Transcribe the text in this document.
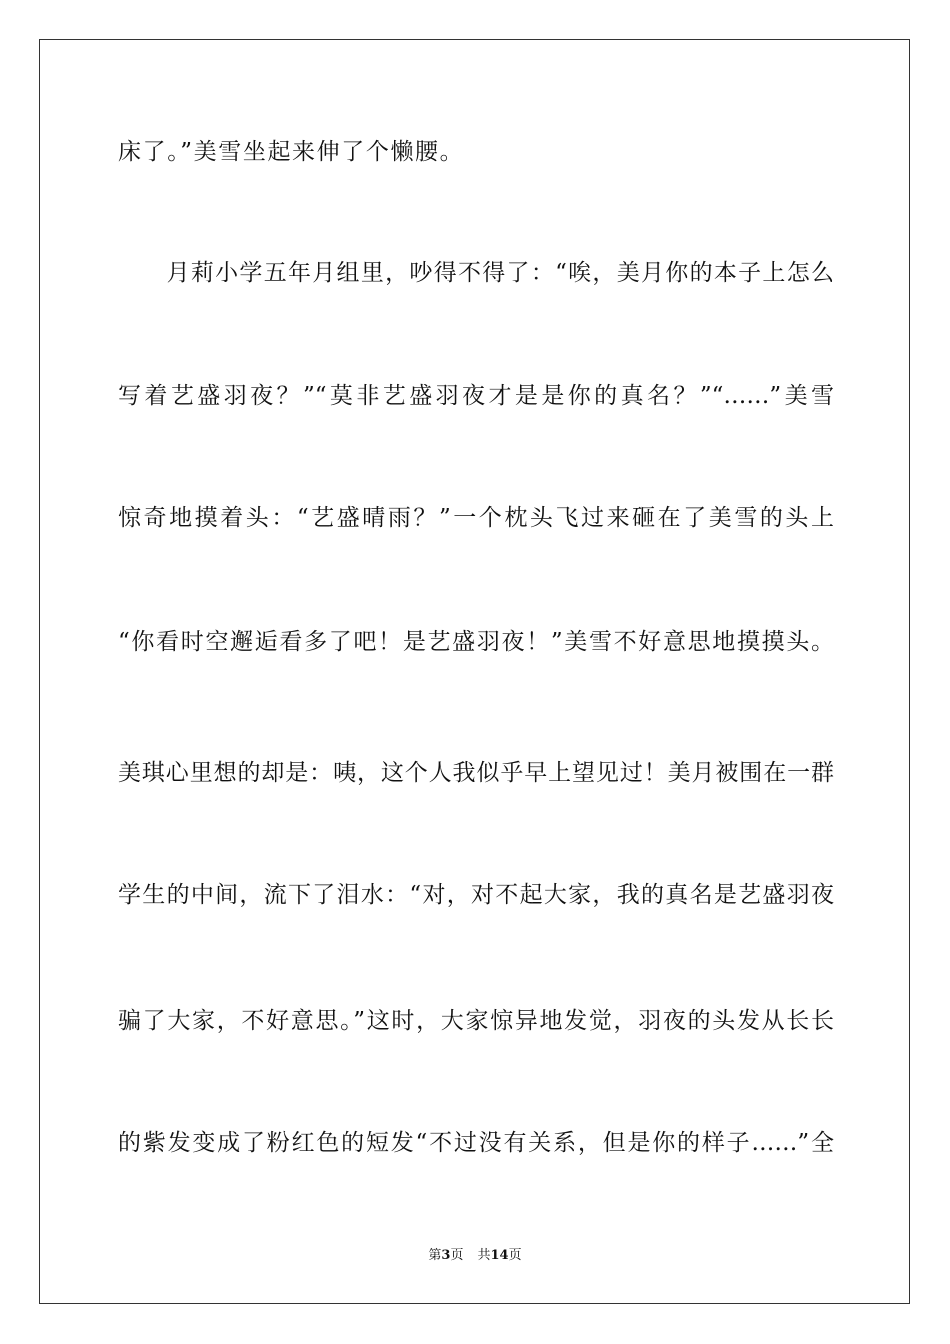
床了。”美雪坐起来伸了个懒腰。
　　月莉小学五年月组里，吵得不得了：“唉，美月你的本子上怎么
写着艺盛羽夜？”“莫非艺盛羽夜才是是你的真名？”“……”美雪
惊奇地摸着头：“艺盛晴雨？”一个枕头飞过来砸在了美雪的头上
“你看时空邂逅看多了吧！是艺盛羽夜！”美雪不好意思地摸摸头。
美琪心里想的却是：咦，这个人我似乎早上望见过！美月被围在一群
学生的中间，流下了泪水：“对，对不起大家，我的真名是艺盛羽夜
骗了大家，不好意思。”这时，大家惊异地发觉，羽夜的头发从长长
的紫发变成了粉红色的短发“不过没有关系，但是你的样子……”全
第3页 共14页
